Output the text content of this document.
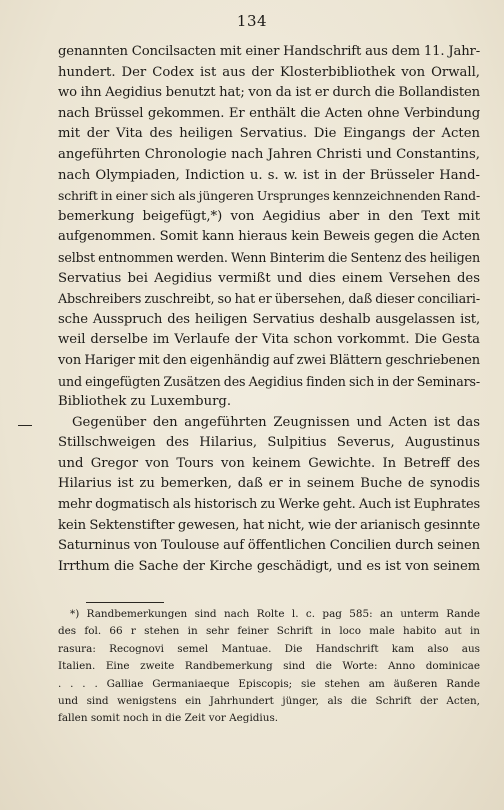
134
genannten Concilsacten mit einer Handschrift aus dem 11. Jahr-
hundert. Der Codex ist aus der Klosterbibliothek von Orwall,
wo ihn Aegidius benutzt hat; von da ist er durch die Bollandisten
nach Brüssel gekommen. Er enthält die Acten ohne Verbindung
mit der Vita des heiligen Servatius. Die Eingangs der Acten
angeführten Chronologie nach Jahren Christi und Constantins,
nach Olympiaden, Indiction u. s. w. ist in der Brüsseler Hand-
schrift in einer sich als jüngeren Ursprunges kennzeichnenden Rand-
bemerkung beigefügt,*) von Aegidius aber in den Text mit
aufgenommen. Somit kann hieraus kein Beweis gegen die Acten
selbst entnommen werden. Wenn Binterim die Sentenz des heiligen
Servatius bei Aegidius vermißt und dies einem Versehen des
Abschreibers zuschreibt, so hat er übersehen, daß dieser conciliari-
sche Ausspruch des heiligen Servatius deshalb ausgelassen ist,
weil derselbe im Verlaufe der Vita schon vorkommt. Die Gesta
von Hariger mit den eigenhändig auf zwei Blättern geschriebenen
und eingefügten Zusätzen des Aegidius finden sich in der Seminars-
Bibliothek zu Luxemburg.
Gegenüber den angeführten Zeugnissen und Acten ist das
Stillschweigen des Hilarius, Sulpitius Severus, Augustinus
und Gregor von Tours von keinem Gewichte. In Betreff des
Hilarius ist zu bemerken, daß er in seinem Buche de synodis
mehr dogmatisch als historisch zu Werke geht. Auch ist Euphrates
kein Sektenstifter gewesen, hat nicht, wie der arianisch gesinnte
Saturninus von Toulouse auf öffentlichen Concilien durch seinen
Irrthum die Sache der Kirche geschädigt, und es ist von seinem
*) Randbemerkungen sind nach Rolte l. c. pag 585: an unterm Rande
des fol. 66 r stehen in sehr feiner Schrift in loco male habito aut in
rasura: Recognovi semel Mantuae. Die Handschrift kam also aus
Italien. Eine zweite Randbemerkung sind die Worte: Anno dominicae
. . . . Galliae Germaniaeque Episcopis; sie stehen am äußeren Rande
und sind wenigstens ein Jahrhundert jünger, als die Schrift der Acten,
fallen somit noch in die Zeit vor Aegidius.
